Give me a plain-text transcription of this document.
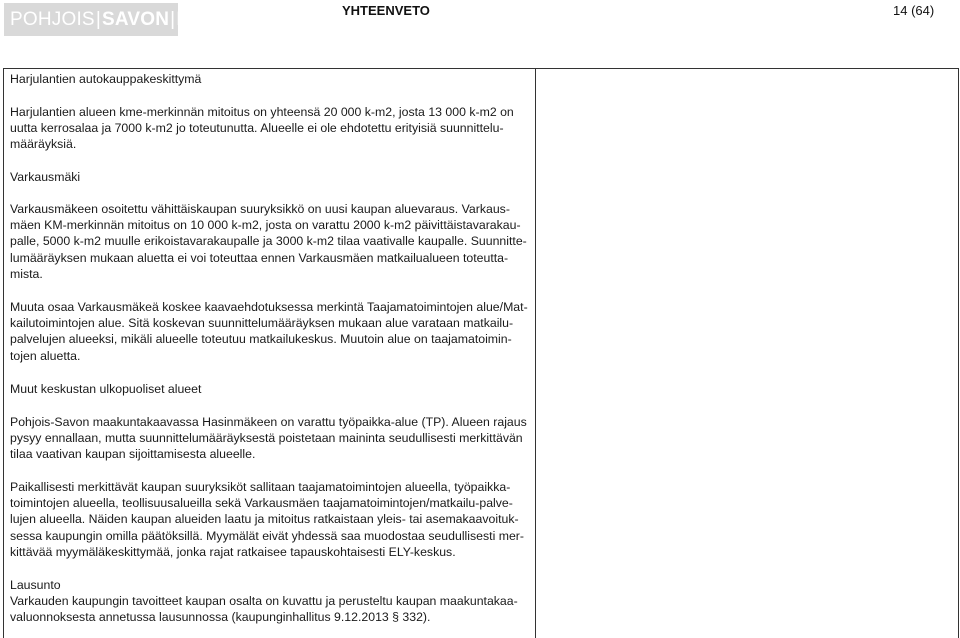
POHJOIS|SAVON|LIITTO	YHTEENVETO	14 (64)

Harjulantien autokauppakeskittymä

Harjulantien alueen kme-merkinnän mitoitus on yhteensä 20 000 k-m2, josta 13 000 k-m2 on uutta kerrosalaa ja 7000 k-m2 jo toteutunutta. Alueelle ei ole ehdotettu erityisiä suunnittelumääräyksiä.

Varkausmäki

Varkausmäkeen osoitettu vähittäiskaupan suuryksikkö on uusi kaupan aluevaraus. Varkausmäen KM-merkinnän mitoitus on 10 000 k-m2, josta on varattu 2000 k-m2 päivittäistavarakaupalle, 5000 k-m2 muulle erikoistavarakaupalle ja 3000 k-m2 tilaa vaativalle kaupalle. Suunnittelumääräyksen mukaan aluetta ei voi toteuttaa ennen Varkausmäen matkailualueen toteuttamista.

Muuta osaa Varkausmäkeä koskee kaavaehdotuksessa merkintä Taajamatoimintojen alue/Matkailutoimintojen alue. Sitä koskevan suunnittelumääräyksen mukaan alue varataan matkailupalvelujen alueeksi, mikäli alueelle toteutuu matkailukeskus. Muutoin alue on taajamatoimintojen aluetta.

Muut keskustan ulkopuoliset alueet

Pohjois-Savon maakuntakaavassa Hasinmäkeen on varattu työpaikka-alue (TP). Alueen rajaus pysyy ennallaan, mutta suunnittelumääräyksestä poistetaan maininta seudullisesti merkittävän tilaa vaativan kaupan sijoittamisesta alueelle.

Paikallisesti merkittävät kaupan suuryksiköt sallitaan taajamatoimintojen alueella, työpaikkatoimintojen alueella, teollisuusalueilla sekä Varkausmäen taajamatoimintojen/matkailu-palvelujen alueella. Näiden kaupan alueiden laatu ja mitoitus ratkaistaan yleis- tai asemakaavoituksessa kaupungin omilla päätöksillä. Myymälät eivät yhdessä saa muodostaa seudullisesti merkittävää myymäläkeskittymää, jonka rajat ratkaisee tapauskohtaisesti ELY-keskus.

Lausunto

Varkauden kaupungin tavoitteet kaupan osalta on kuvattu ja perusteltu kaupan maakuntakaavaluonnoksesta annetussa lausunnossa (kaupunginhallitus 9.12.2013 § 332).
